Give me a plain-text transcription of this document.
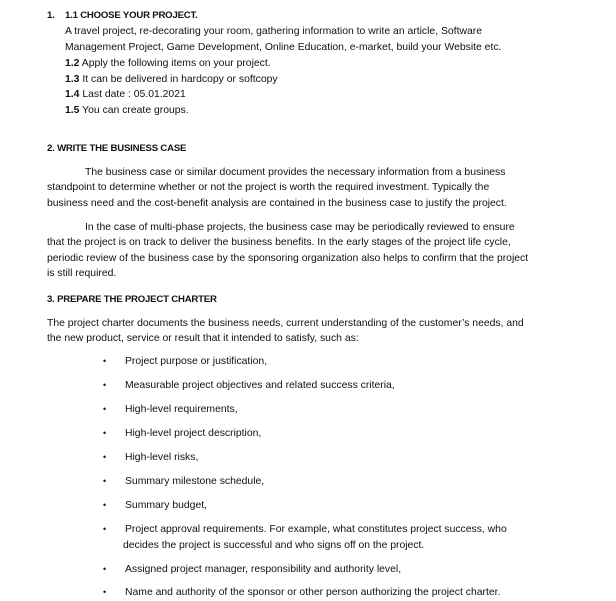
1. 1.1 CHOOSE YOUR PROJECT.
A travel project, re-decorating your room, gathering information to write an article, Software
Management Project, Game Development, Online Education, e-market, build your Website etc.
1.2 Apply the following items on your project.
1.3 It can be delivered in hardcopy or softcopy
1.4 Last date : 05.01.2021
1.5 You can create groups.
2. WRITE THE BUSINESS CASE
The business case or similar document provides the necessary information from a business
standpoint to determine whether or not the project is worth the required investment. Typically the
business need and the cost-benefit analysis are contained in the business case to justify the project.
In the case of multi-phase projects, the business case may be periodically reviewed to ensure
that the project is on track to deliver the business benefits. In the early stages of the project life cycle,
periodic review of the business case by the sponsoring organization also helps to confirm that the project
is still required.
3. PREPARE THE PROJECT CHARTER
The project charter documents the business needs, current understanding of the customer’s needs, and
the new product, service or result that it intended to satisfy, such as:
• Project purpose or justification,
• Measurable project objectives and related success criteria,
• High-level requirements,
• High-level project description,
• High-level risks,
• Summary milestone schedule,
• Summary budget,
• Project approval requirements. For example, what constitutes project success, who
decides the project is successful and who signs off on the project.
• Assigned project manager, responsibility and authority level,
• Name and authority of the sponsor or other person authorizing the project charter.
